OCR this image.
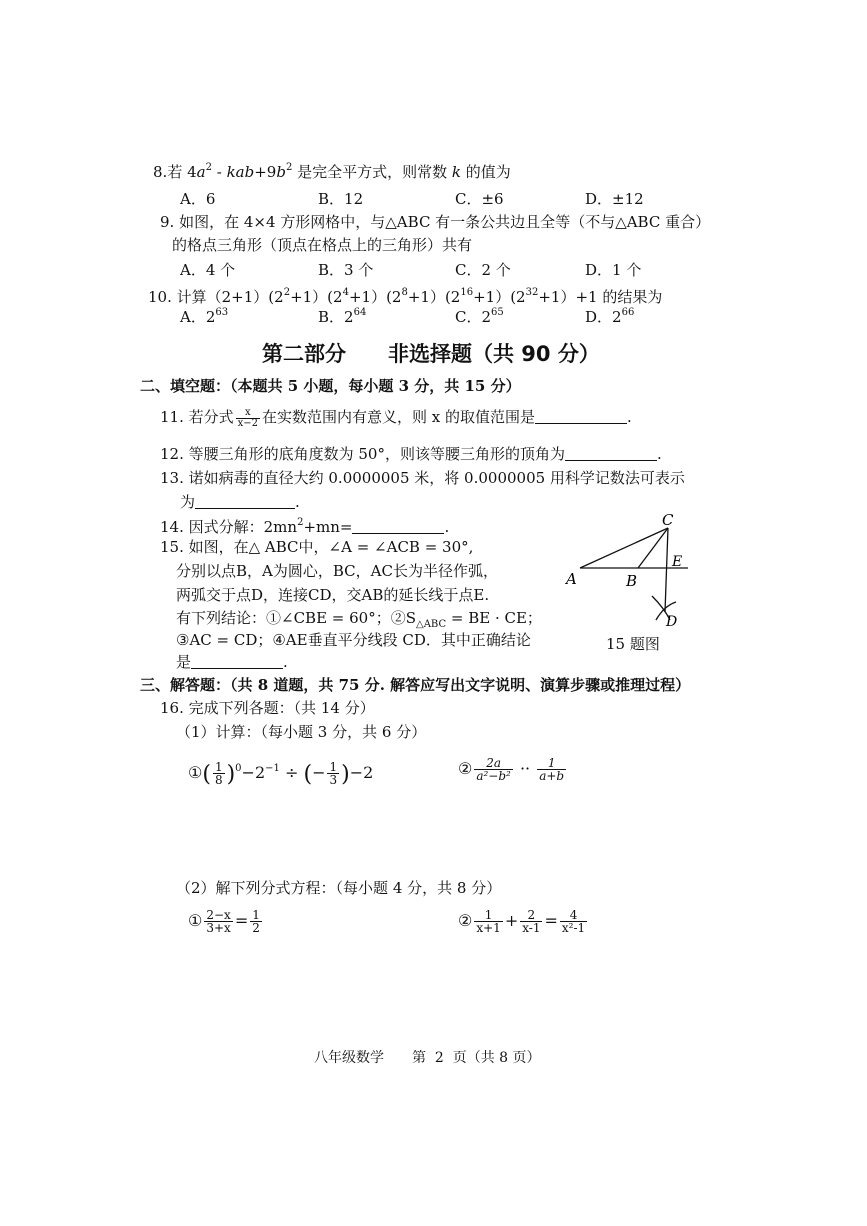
8.若 $4a^2 - kab+9b^2$ 是完全平方式，则常数 k 的值为
A．6	B．12	C．±6	D．±12
9. 如图，在 4×4 方形网格中，与△ABC 有一条公共边且全等（不与△ABC 重合）
的格点三角形（顶点在格点上的三角形）共有
A．4 个	B．3 个	C．2 个	D．1 个
10. 计算$(2+1)(2^2+1)(2^4+1)(2^8+1)(2^{16}+1)(2^{32}+1)+1$ 的结果为
A．$2^{63}$	B．$2^{64}$	C．$2^{65}$	D．$2^{66}$
第二部分　　非选择题（共 90 分）
二、填空题：（本题共 5 小题，每小题 3 分，共 15 分）
11. 若分式 $\frac{x}{x-2}$ 在实数范围内有意义，则 x 的取值范围是	.
12. 等腰三角形的底角度数为 50°，则该等腰三角形的顶角为	.
13. 诺如病毒的直径大约 0.0000005 米，将 0.0000005 用科学记数法可表示
为	.
14. 因式分解：$2mn^2+mn=$	.
15. 如图，在△ ABC中，∠A = ∠ACB = 30°,
分别以点B，A为圆心，BC，AC长为半径作弧，
两弧交于点D，连接CD，交AB的延长线于点E.
有下列结论：①∠CBE = 60°；$②S_{\triangle ABC}$ = BE · CE；
③AC = CD；④AE垂直平分线段 CD．其中正确结论
是	.
A	B
C
E
D
15 题图
三、解答题：（共 8 道题，共 75 分. 解答应写出文字说明、演算步骤或推理过程）
16. 完成下列各题：（共 14 分）
（1）计算：（每小题 3 分，共 6 分）
①( $\frac{1}{8} )^0-2^{-1}$ ÷ (− $\frac{1}{3} )-2$	② $\frac{2a}{\text{a²−b²}} \cdot\cdot \frac{1}{a+b}$
（2）解下列分式方程：（每小题 4 分，共 8 分）
① $\frac{2-x}{3+x} = \frac{1}{2}$	② $\frac{1}{x+1} + \frac{2}{x-1} = \frac{4}{\text{x²-1}}$
八年级数学　　第  2  页（共 8 页）
